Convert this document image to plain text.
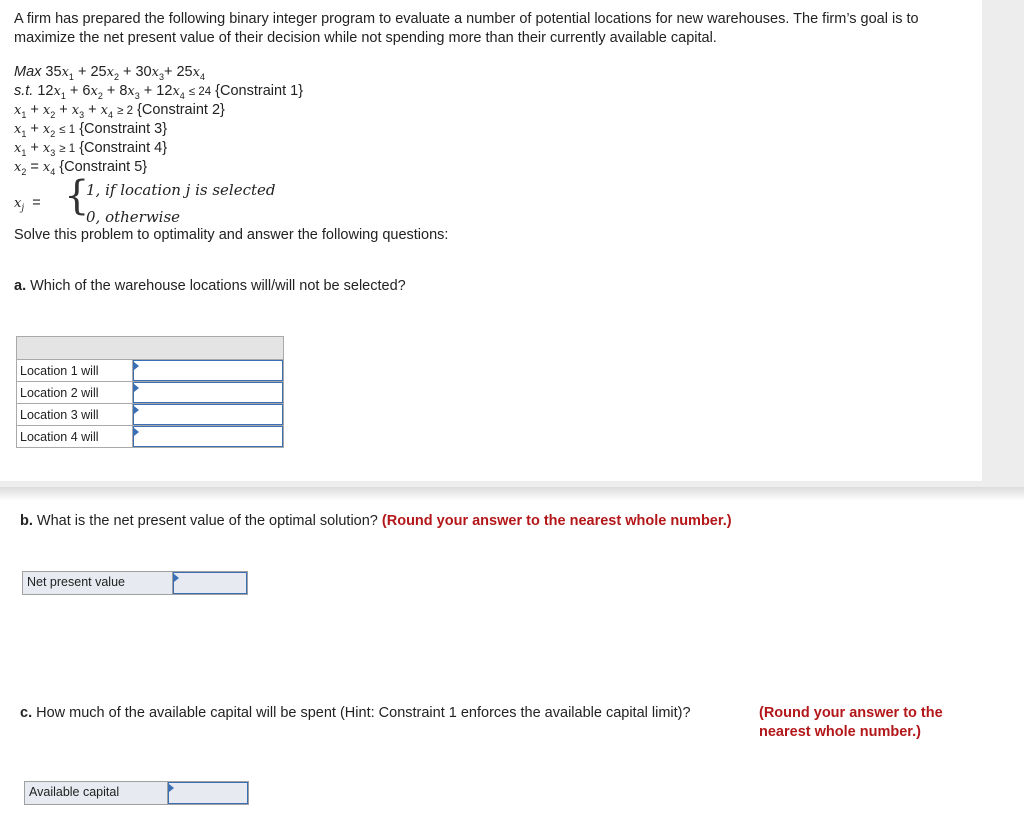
A firm has prepared the following binary integer program to evaluate a number of potential locations for new warehouses. The firm’s goal is to maximize the net present value of their decision while not spending more than their currently available capital.
Max $35x_1 + 25x_2 + 30x_3+ 25x_4$
s.t. $12x_1 + 6x_2 + 8x_3 + 12x_4 \le 24$ {Constraint 1}
$x_1 + x_2 + x_3 + x_4 \ge 2$ {Constraint 2}
$x_1 + x_2 \le 1$ {Constraint 3}
$x_1 + x_3 \ge 1$ {Constraint 4}
$x_2 = x_4$ {Constraint 5}
$x_j$  = {
1, if location j is selected
0, otherwise
Solve this problem to optimality and answer the following questions:
a. Which of the warehouse locations will/will not be selected?

Location 1 will	

Location 2 will	

Location 3 will	

Location 4 will	
b. What is the net present value of the optimal solution? (Round your answer to the nearest whole number.)
Net present value
c. How much of the available capital will be spent (Hint: Constraint 1 enforces the available capital limit)?	(Round your answer to the nearest whole number.)
Available capital
